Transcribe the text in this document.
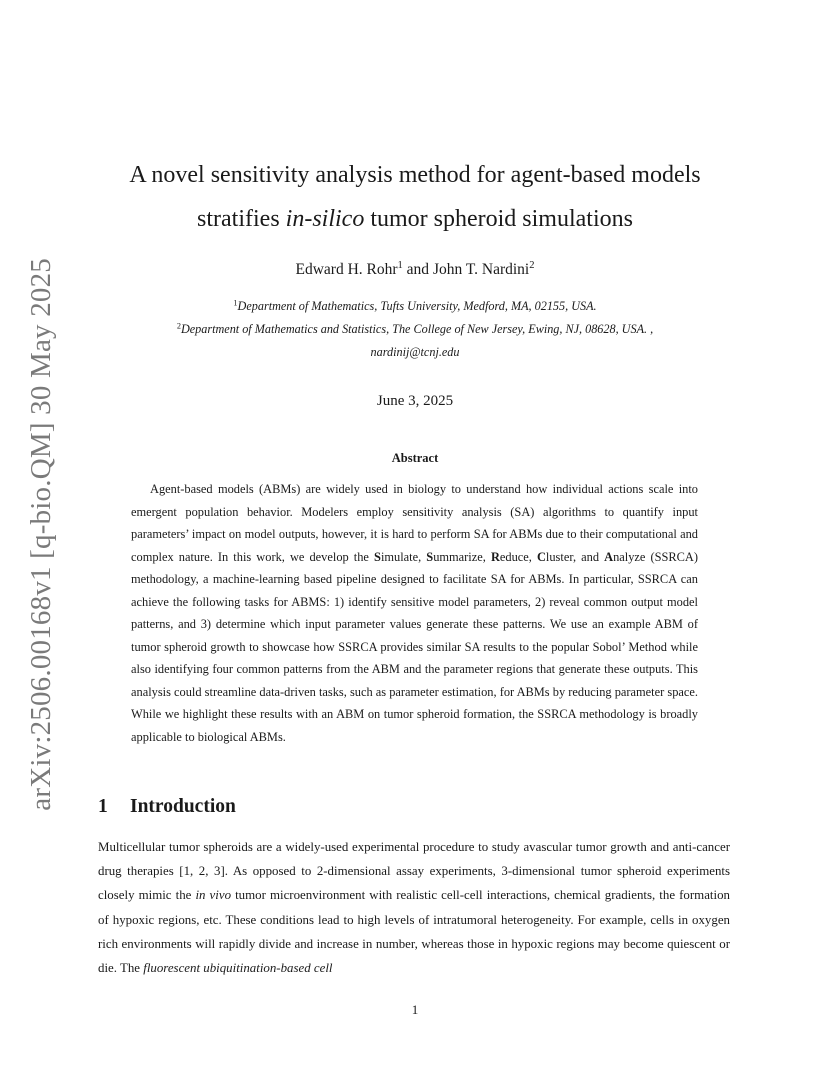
arXiv:2506.00168v1 [q-bio.QM] 30 May 2025
A novel sensitivity analysis method for agent-based models
stratifies in-silico tumor spheroid simulations
Edward H. Rohr$^1$ and John T. Nardini$^2$
$^1$Department of Mathematics, Tufts University, Medford, MA, 02155, USA.
$^2$Department of Mathematics and Statistics, The College of New Jersey, Ewing, NJ, 08628, USA. ,
nardinij@tcnj.edu
June 3, 2025
Abstract

Agent-based models (ABMs) are widely used in biology to understand how individual actions scale into emergent population behavior. Modelers employ sensitivity analysis (SA) algorithms to quantify input parameters’ impact on model outputs, however, it is hard to perform SA for ABMs due to their computational and complex nature. In this work, we develop the Simulate, Summarize, Reduce, Cluster, and Analyze (SSRCA) methodology, a machine-learning based pipeline designed to facilitate SA for ABMs. In particular, SSRCA can achieve the following tasks for ABMS: 1) identify sensitive model parameters, 2) reveal common output model patterns, and 3) determine which input parameter values generate these patterns. We use an example ABM of tumor spheroid growth to showcase how SSRCA provides similar SA results to the popular Sobol’ Method while also identifying four common patterns from the ABM and the parameter regions that generate these outputs. This analysis could streamline data-driven tasks, such as parameter estimation, for ABMs by reducing parameter space. While we highlight these results with an ABM on tumor spheroid formation, the SSRCA methodology is broadly applicable to biological ABMs.

1 Introduction

Multicellular tumor spheroids are a widely-used experimental procedure to study avascular tumor growth and anti-cancer drug therapies [1, 2, 3]. As opposed to 2-dimensional assay experiments, 3-dimensional tumor spheroid experiments closely mimic the in vivo tumor microenvironment with realistic cell-cell interactions, chemical gradients, the formation of hypoxic regions, etc. These conditions lead to high levels of intratumoral heterogeneity. For example, cells in oxygen rich environments will rapidly divide and increase in number, whereas those in hypoxic regions may become quiescent or die. The fluorescent ubiquitination-based cell

1
